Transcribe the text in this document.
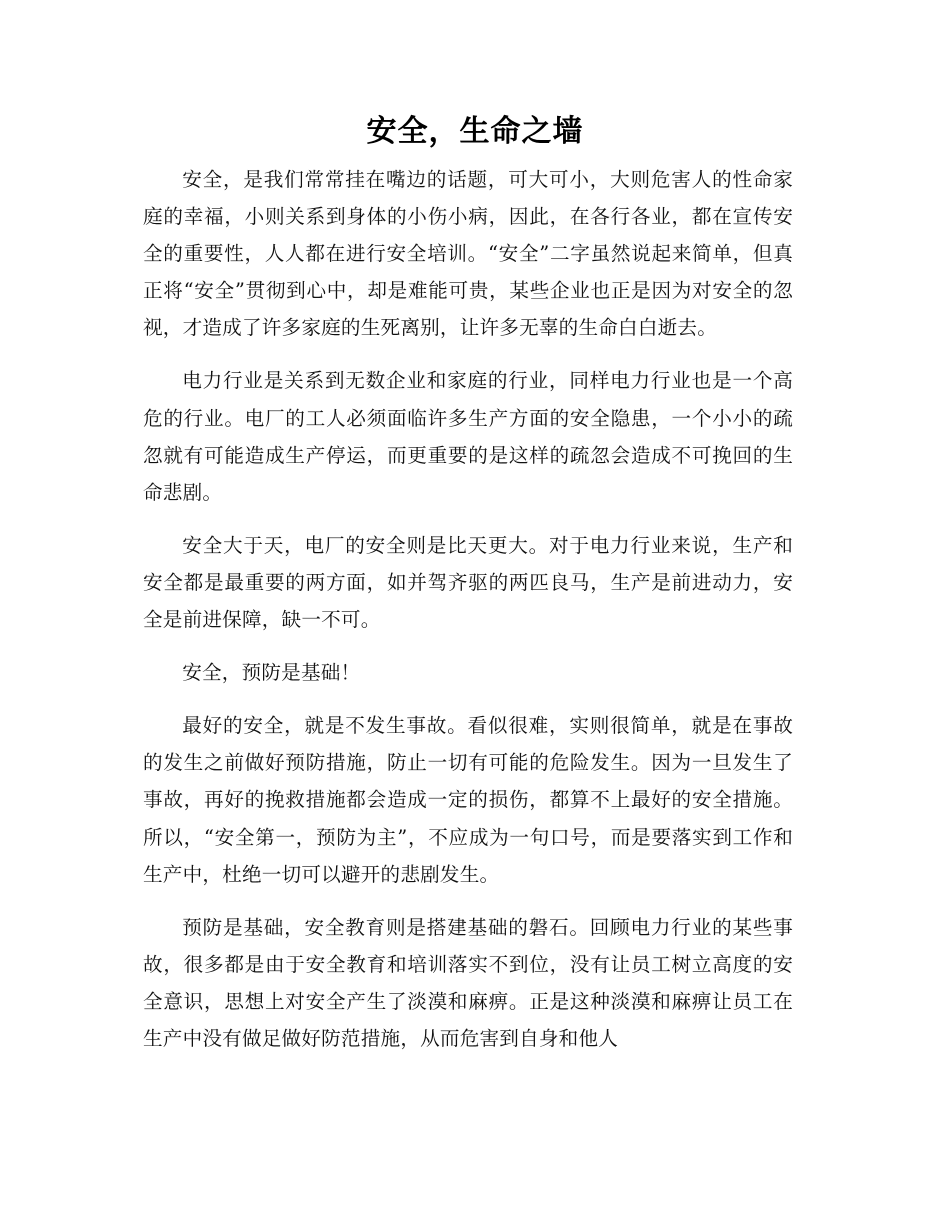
安全，生命之墙

安全，是我们常常挂在嘴边的话题，可大可小，大则危害人的性命家庭的幸福，小则关系到身体的小伤小病，因此，在各行各业，都在宣传安全的重要性，人人都在进行安全培训。“安全”二字虽然说起来简单，但真正将“安全”贯彻到心中，却是难能可贵，某些企业也正是因为对安全的忽视，才造成了许多家庭的生死离别，让许多无辜的生命白白逝去。

电力行业是关系到无数企业和家庭的行业，同样电力行业也是一个高危的行业。电厂的工人必须面临许多生产方面的安全隐患，一个小小的疏忽就有可能造成生产停运，而更重要的是这样的疏忽会造成不可挽回的生命悲剧。

安全大于天，电厂的安全则是比天更大。对于电力行业来说，生产和安全都是最重要的两方面，如并驾齐驱的两匹良马，生产是前进动力，安全是前进保障，缺一不可。

安全，预防是基础！

最好的安全，就是不发生事故。看似很难，实则很简单，就是在事故的发生之前做好预防措施，防止一切有可能的危险发生。因为一旦发生了事故，再好的挽救措施都会造成一定的损伤，都算不上最好的安全措施。所以，“安全第一，预防为主”，不应成为一句口号，而是要落实到工作和生产中，杜绝一切可以避开的悲剧发生。

预防是基础，安全教育则是搭建基础的磐石。回顾电力行业的某些事故，很多都是由于安全教育和培训落实不到位，没有让员工树立高度的安全意识，思想上对安全产生了淡漠和麻痹。正是这种淡漠和麻痹让员工在生产中没有做足做好防范措施，从而危害到自身和他人
